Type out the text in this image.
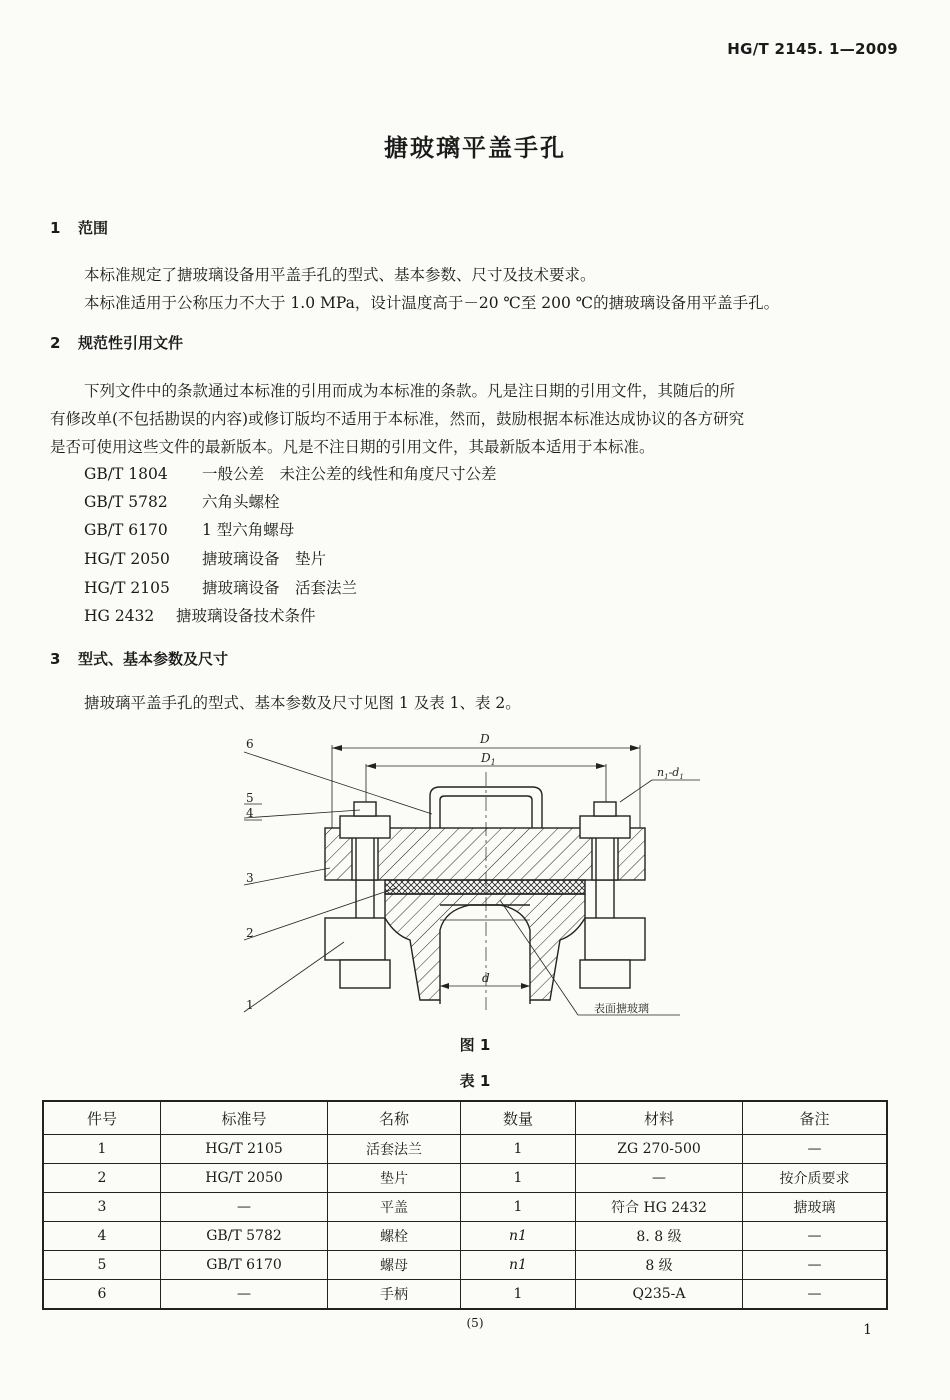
HG/T 2145. 1—2009
搪玻璃平盖手孔
1 范围
本标准规定了搪玻璃设备用平盖手孔的型式、基本参数、尺寸及技术要求。
本标准适用于公称压力不大于 1.0 MPa，设计温度高于－20 ℃至 200 ℃的搪玻璃设备用平盖手孔。
2 规范性引用文件
下列文件中的条款通过本标准的引用而成为本标准的条款。凡是注日期的引用文件，其随后的所
有修改单(不包括勘误的内容)或修订版均不适用于本标准，然而，鼓励根据本标准达成协议的各方研究
是否可使用这些文件的最新版本。凡是不注日期的引用文件，其最新版本适用于本标准。
GB/T 1804 一般公差　未注公差的线性和角度尺寸公差
GB/T 5782 六角头螺栓
GB/T 6170 1 型六角螺母
HG/T 2050 搪玻璃设备　垫片
HG/T 2105 搪玻璃设备　活套法兰
HG 2432 搪玻璃设备技术条件
3 型式、基本参数及尺寸
搪玻璃平盖手孔的型式、基本参数及尺寸见图 1 及表 1、表 2。
D
$D_1$
$n_1-d_1$
d
表面搪玻璃
6
5
4
3
2
1
图 1
表 1
件号	标准号	名称	数量	材料	备注
1	HG/T 2105	活套法兰	1	ZG 270-500	—
2	HG/T 2050	垫片	1	—	按介质要求
3	—	平盖	1	符合 HG 2432	搪玻璃
4	GB/T 5782	螺栓	n1	8. 8 级	—
5	GB/T 6170	螺母	n1	8 级	—
6	—	手柄	1	Q235-A	—
(5)	1
